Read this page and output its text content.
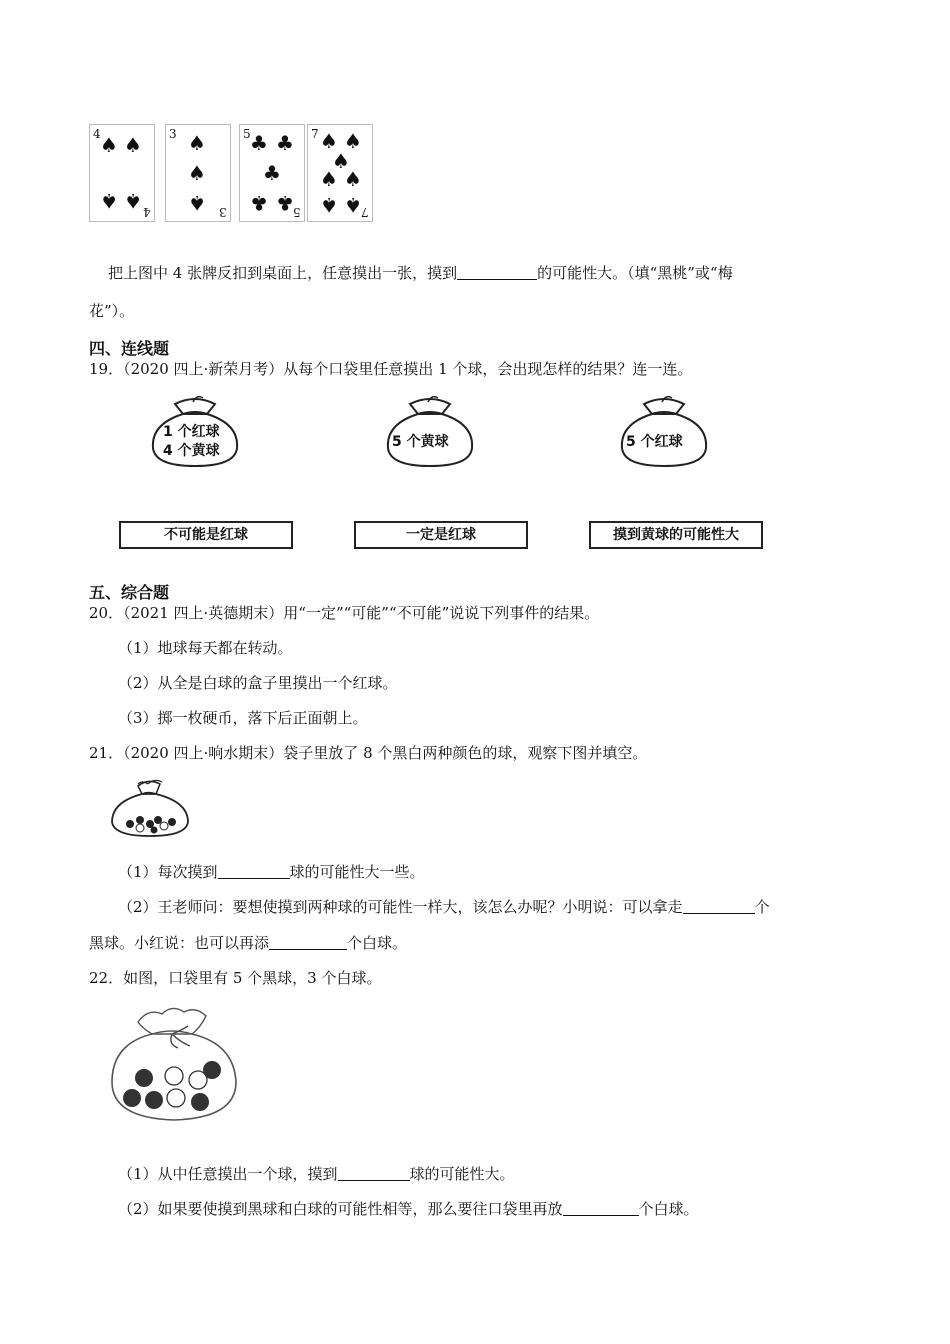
4
4
♠ ♠
♠ ♠
3
3
♠
♠
♠
5
5
♣ ♣
♣
♣ ♣
7
7
♠ ♠
♠
♠ ♠
♠ ♠
把上图中 4 张牌反扣到桌面上，任意摸出一张，摸到	的可能性大。（填“黑桃”或“梅
花”）。
四、连线题
19．（2020 四上·新荣月考）从每个口袋里任意摸出 1 个球，会出现怎样的结果？连一连。
1 个红球
4 个黄球
5 个黄球	5 个红球
不可能是红球	一定是红球	摸到黄球的可能性大
五、综合题
20．（2021 四上·英德期末）用“一定”“可能”“不可能”说说下列事件的结果。
（1）地球每天都在转动。
（2）从全是白球的盒子里摸出一个红球。
（3）掷一枚硬币，落下后正面朝上。
21．（2020 四上·响水期末）袋子里放了 8 个黑白两种颜色的球，观察下图并填空。
（1）每次摸到	球的可能性大一些。
（2）王老师问：要想使摸到两种球的可能性一样大，该怎么办呢？小明说：可以拿走	个
黑球。小红说：也可以再添	个白球。
22．如图，口袋里有 5 个黑球，3 个白球。
（1）从中任意摸出一个球，摸到	球的可能性大。
（2）如果要使摸到黑球和白球的可能性相等，那么要往口袋里再放	个白球。
